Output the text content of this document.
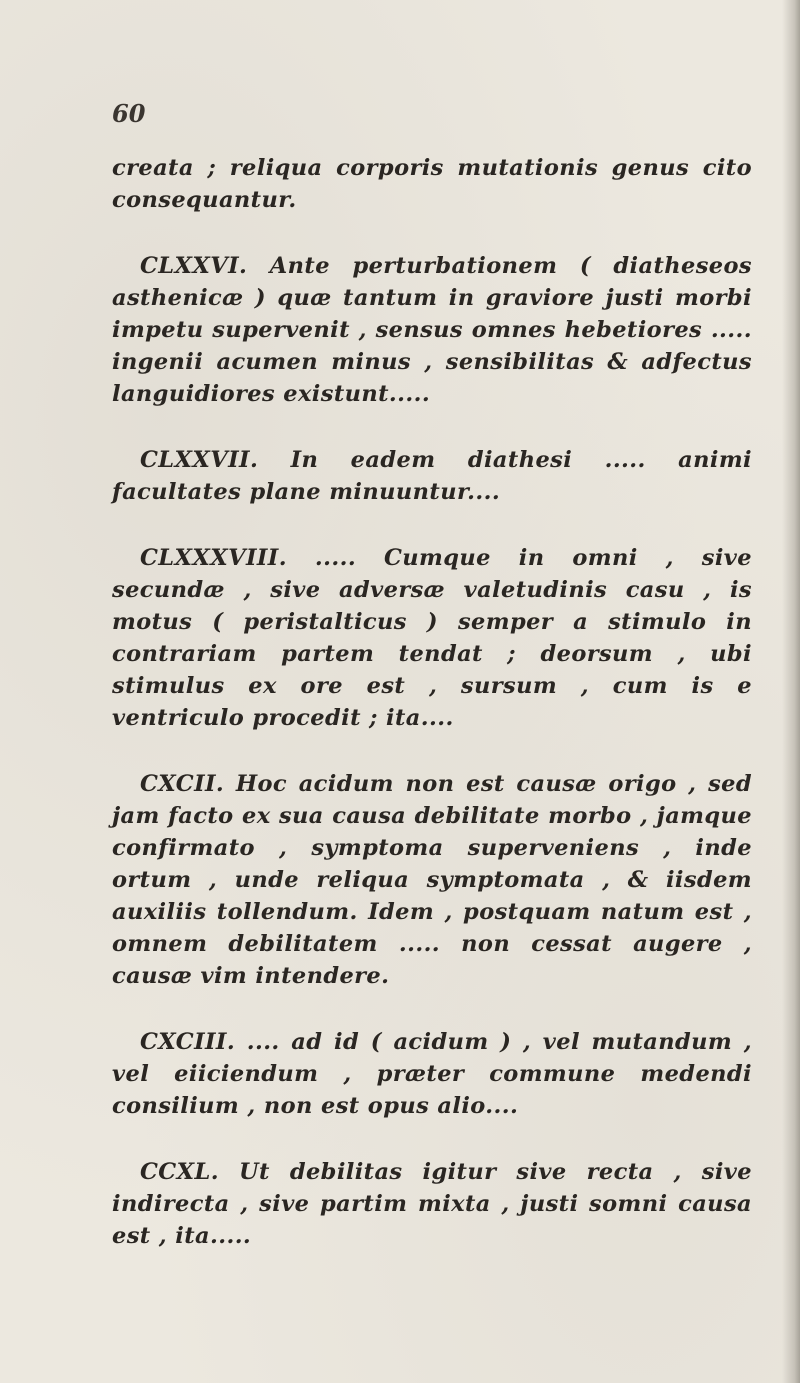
60

creata ; reliqua corporis mutationis genus cito consequantur.

CLXXVI. Ante perturbationem ( diatheseos asthenicæ ) quæ tantum in graviore justi morbi impetu supervenit , sensus omnes hebetiores ..... ingenii acumen minus , sensibilitas & adfectus languidiores existunt.....

CLXXVII. In eadem diathesi ..... animi facultates plane minuuntur....

CLXXXVIII. ..... Cumque in omni , sive secundæ , sive adversæ valetudinis casu , is motus ( peristalticus ) semper a stimulo in contrariam partem tendat ; deorsum , ubi stimulus ex ore est , sursum , cum is e ventriculo procedit ; ita....

CXCII. Hoc acidum non est causæ origo , sed jam facto ex sua causa debilitate morbo , jamque confirmato , symptoma superveniens , inde ortum , unde reliqua symptomata , & iisdem auxiliis tollendum. Idem , postquam natum est , omnem debilitatem ..... non cessat augere , causæ vim intendere.

CXCIII. .... ad id ( acidum ) , vel mutandum , vel eiiciendum , præter commune medendi consilium , non est opus alio....

CCXL. Ut debilitas igitur sive recta , sive indirecta , sive partim mixta , justi somni causa est , ita.....
